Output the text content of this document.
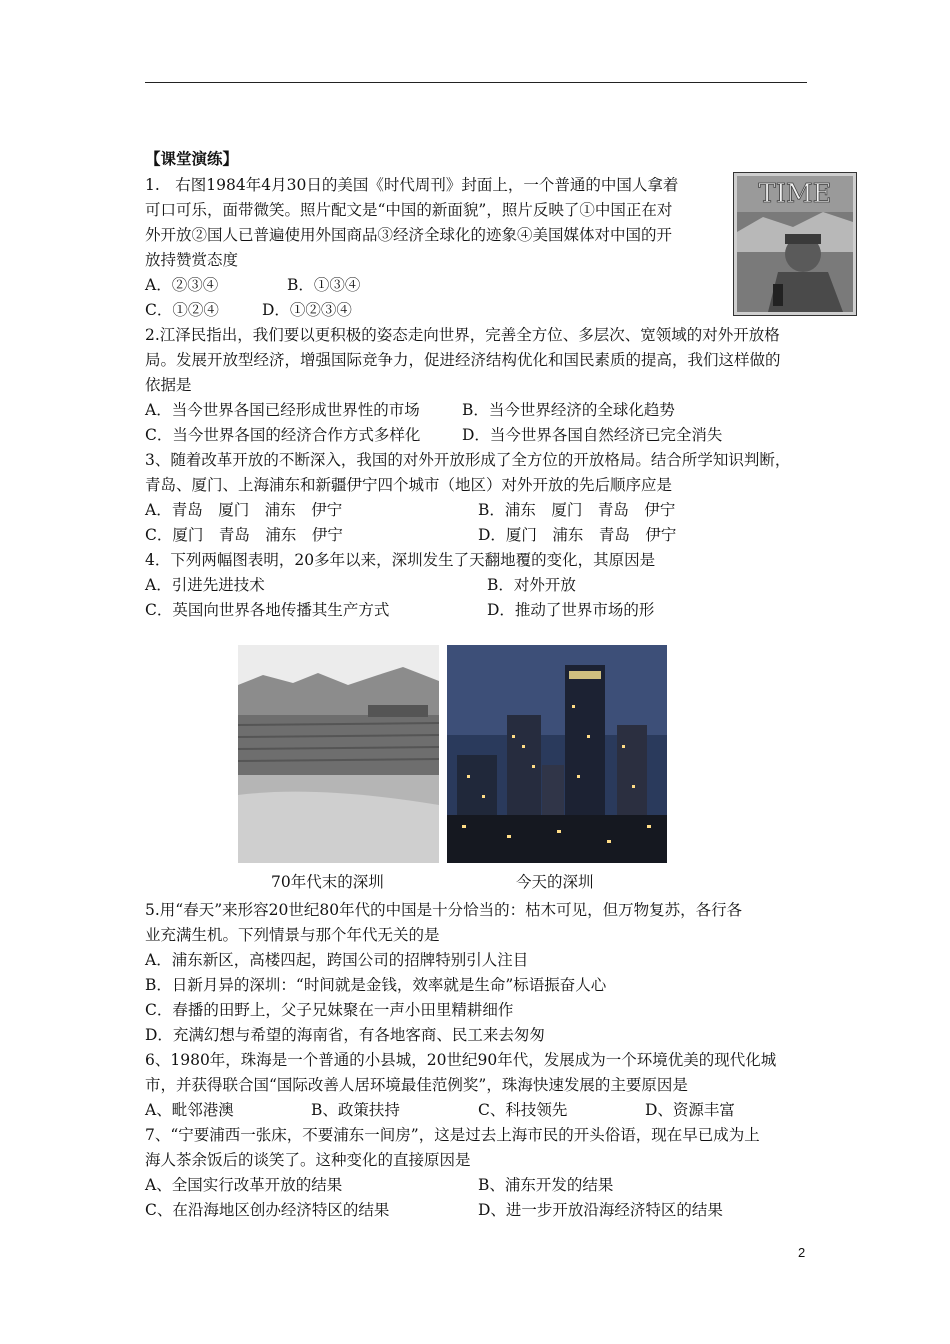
【课堂演练】
1.　右图1984年4月30日的美国《时代周刊》封面上，一个普通的中国人拿着
可口可乐，面带微笑。照片配文是“中国的新面貌”，照片反映了①中国正在对
外开放②国人已普遍使用外国商品③经济全球化的迹象④美国媒体对中国的开
放持赞赏态度
A．②③④	B．①③④
C．①②④	D．①②③④
TIME
2.江泽民指出，我们要以更积极的姿态走向世界，完善全方位、多层次、宽领域的对外开放格
局。发展开放型经济，增强国际竞争力，促进经济结构优化和国民素质的提高，我们这样做的
依据是
A．当今世界各国已经形成世界性的市场	B．当今世界经济的全球化趋势
C．当今世界各国的经济合作方式多样化	D．当今世界各国自然经济已完全消失
3、随着改革开放的不断深入，我国的对外开放形成了全方位的开放格局。结合所学知识判断，
青岛、厦门、上海浦东和新疆伊宁四个城市（地区）对外开放的先后顺序应是
A．青岛　厦门　浦东　伊宁	B．浦东　厦门　青岛　伊宁
C．厦门　青岛　浦东　伊宁	D．厦门　浦东　青岛　伊宁
4．下列两幅图表明，20多年以来，深圳发生了天翻地覆的变化，其原因是
A．引进先进技术	B．对外开放
C．英国向世界各地传播其生产方式	D．推动了世界市场的形
70年代末的深圳	今天的深圳
5.用“春天”来形容20世纪80年代的中国是十分恰当的：枯木可见，但万物复苏，各行各
业充满生机。下列情景与那个年代无关的是
A．浦东新区，高楼四起，跨国公司的招牌特别引人注目
B．日新月异的深圳：“时间就是金钱，效率就是生命”标语振奋人心
C．春播的田野上，父子兄妹聚在一声小田里精耕细作
D．充满幻想与希望的海南省，有各地客商、民工来去匆匆
6、1980年，珠海是一个普通的小县城，20世纪90年代，发展成为一个环境优美的现代化城
市，并获得联合国“国际改善人居环境最佳范例奖”，珠海快速发展的主要原因是
A、毗邻港澳	B、政策扶持	C、科技领先	D、资源丰富
7、“宁要浦西一张床，不要浦东一间房”，这是过去上海市民的开头俗语，现在早已成为上
海人茶余饭后的谈笑了。这种变化的直接原因是
A、全国实行改革开放的结果	B、浦东开发的结果
C、在沿海地区创办经济特区的结果	D、进一步开放沿海经济特区的结果
2
